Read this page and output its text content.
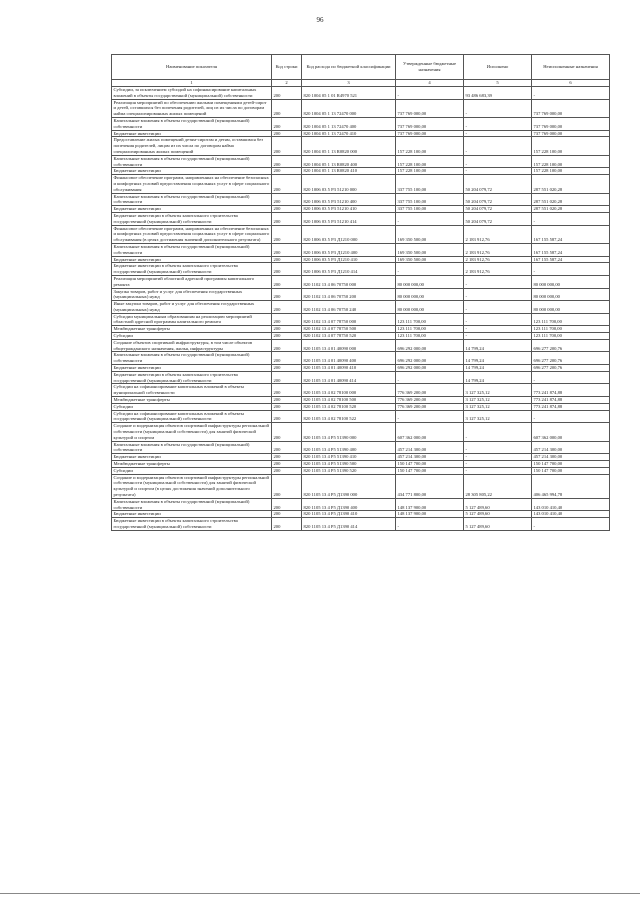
96
Наименование показателя	Код строки	Код расхода по бюджетной классификации	Утвержденные бюджетные назначения	Исполнено	Неисполненные назначения
1	2	3	4	5	6
Субсидии, за исключением субсидий на софинансирование капитальных вложений в объекты государственной (муниципальной) собственности	200	820 1004 05 1 01 R4970 521	-	93 486 683,39	-
Реализация мероприятий по обеспечению жилыми помещениями детей-сирот и детей, оставшихся без попечения родителей, лиц из их числа по договорам найма специализированных жилых помещений	200	820 1004 05 1 13 72470 000	737 769 000,00	-	737 769 000,00
Капитальные вложения в объекты государственной (муниципальной) собственности	200	820 1004 05 1 13 72470 400	737 769 000,00	-	737 769 000,00
Бюджетные инвестиции	200	820 1004 05 1 13 72470 410	737 769 000,00	-	737 769 000,00
Предоставление жилых помещений детям-сиротам и детям, оставшимся без попечения родителей, лицам из их числа по договорам найма специализированных жилых помещений	200	820 1004 05 1 13 R0820 000	157 228 100,00	-	157 228 100,00
Капитальные вложения в объекты государственной (муниципальной) собственности	200	820 1004 05 1 13 R0820 400	157 228 100,00	-	157 228 100,00
Бюджетные инвестиции	200	820 1004 05 1 13 R0820 410	157 228 100,00	-	157 228 100,00
Финансовое обеспечение программ, направленных на обеспечение безопасных и комфортных условий предоставления социальных услуг в сфере социального обслуживания	200	820 1006 03 5 P3 51210 000	337 755 100,00	50 204 079,72	287 551 020,28
Капитальные вложения в объекты государственной (муниципальной) собственности	200	820 1006 03 5 P3 51210 400	337 755 100,00	50 204 079,72	287 551 020,28
Бюджетные инвестиции	200	820 1006 03 5 P3 51210 410	337 755 100,00	50 204 079,72	287 551 020,28
Бюджетные инвестиции в объекты капитального строительства государственной (муниципальной) собственности	200	820 1006 03 5 P3 51210 414	-	50 204 079,72	-
Финансовое обеспечение программ, направленных на обеспечение безопасных и комфортных условий предоставления социальных услуг в сфере социального обслуживания (в целях достижения значений дополнительного результата)	200	820 1006 03 5 P3 Д1210 000	169 350 500,00	2 183 912,76	167 155 587,24
Капитальные вложения в объекты государственной (муниципальной) собственности	200	820 1006 03 5 P3 Д1210 400	169 350 500,00	2 183 912,76	167 155 587,24
Бюджетные инвестиции	200	820 1006 03 5 P3 Д1210 410	169 350 500,00	2 183 912,76	167 155 587,24
Бюджетные инвестиции в объекты капитального строительства государственной (муниципальной) собственности	200	820 1006 03 5 P3 Д1210 414	-	2 183 912,76	-
Реализация мероприятий областной адресной программы капитального ремонта	200	820 1102 13 4 06 70750 000	80 000 000,00	-	80 000 000,00
Закупка товаров, работ и услуг для обеспечения государственных (муниципальных) нужд	200	820 1102 13 4 06 70750 200	80 000 000,00	-	80 000 000,00
Иные закупки товаров, работ и услуг для обеспечения государственных (муниципальных) нужд	200	820 1102 13 4 06 70750 240	80 000 000,00	-	80 000 000,00
Субсидии муниципальным образованиям на реализацию мероприятий областной адресной программы капитального ремонта	200	820 1102 13 4 07 78750 000	123 111 700,00	-	123 111 700,00
Межбюджетные трансферты	200	820 1102 13 4 07 78750 500	123 111 700,00	-	123 111 700,00
Субсидии	200	820 1102 13 4 07 78750 520	123 111 700,00	-	123 111 700,00
Создание объектов спортивной инфраструктуры, в том числе объектов общегражданского назначения, жилья, инфраструктуры	200	820 1105 13 4 01 40090 000	696 292 000,00	14 799,24	696 277 200,76
Капитальные вложения в объекты государственной (муниципальной) собственности	200	820 1105 13 4 01 40090 400	696 292 000,00	14 799,24	696 277 200,76
Бюджетные инвестиции	200	820 1105 13 4 01 40090 410	696 292 000,00	14 799,24	696 277 200,76
Бюджетные инвестиции в объекты капитального строительства государственной (муниципальной) собственности	200	820 1105 13 4 01 40090 414	-	14 799,24	-
Субсидии на софинансирование капитальных вложений в объекты муниципальной собственности	200	820 1105 13 4 02 78100 000	776 369 200,00	3 127 325,12	773 241 874,88
Межбюджетные трансферты	200	820 1105 13 4 02 78100 500	776 369 200,00	3 127 325,12	773 241 874,88
Субсидии	200	820 1105 13 4 02 78100 520	776 369 200,00	3 127 325,12	773 241 874,88
Субсидии на софинансирование капитальных вложений в объекты государственной (муниципальной) собственности	200	820 1105 13 4 02 78100 522	-	3 127 325,12	-
Создание и модернизация объектов спортивной инфраструктуры региональной собственности (муниципальной собственности) для занятий физической культурой и спортом	200	820 1105 13 4 P5 51390 000	607 362 000,00	-	607 362 000,00
Капитальные вложения в объекты государственной (муниципальной) собственности	200	820 1105 13 4 P5 51390 400	457 214 300,00	-	457 214 300,00
Бюджетные инвестиции	200	820 1105 13 4 P5 51390 410	457 214 300,00	-	457 214 300,00
Межбюджетные трансферты	200	820 1105 13 4 P5 51390 500	150 147 700,00	-	150 147 700,00
Субсидии	200	820 1105 13 4 P5 51390 520	150 147 700,00	-	150 147 700,00
Создание и модернизация объектов спортивной инфраструктуры региональной собственности (муниципальной собственности) для занятий физической культурой и спортом (в целях достижения значений дополнительного результата)	200	820 1105 13 4 P5 Д1390 000	434 771 800,00	28 305 805,22	406 465 994,78
Капитальные вложения в объекты государственной (муниципальной) собственности	200	820 1105 13 4 P5 Д1390 400	148 137 900,00	5 127 489,60	143 010 410,40
Бюджетные инвестиции	200	820 1105 13 4 P5 Д1390 410	148 137 900,00	5 127 489,60	143 010 410,40
Бюджетные инвестиции в объекты капитального строительства государственной (муниципальной) собственности	200	820 1105 13 4 P5 Д1390 414	-	5 127 489,60	-
